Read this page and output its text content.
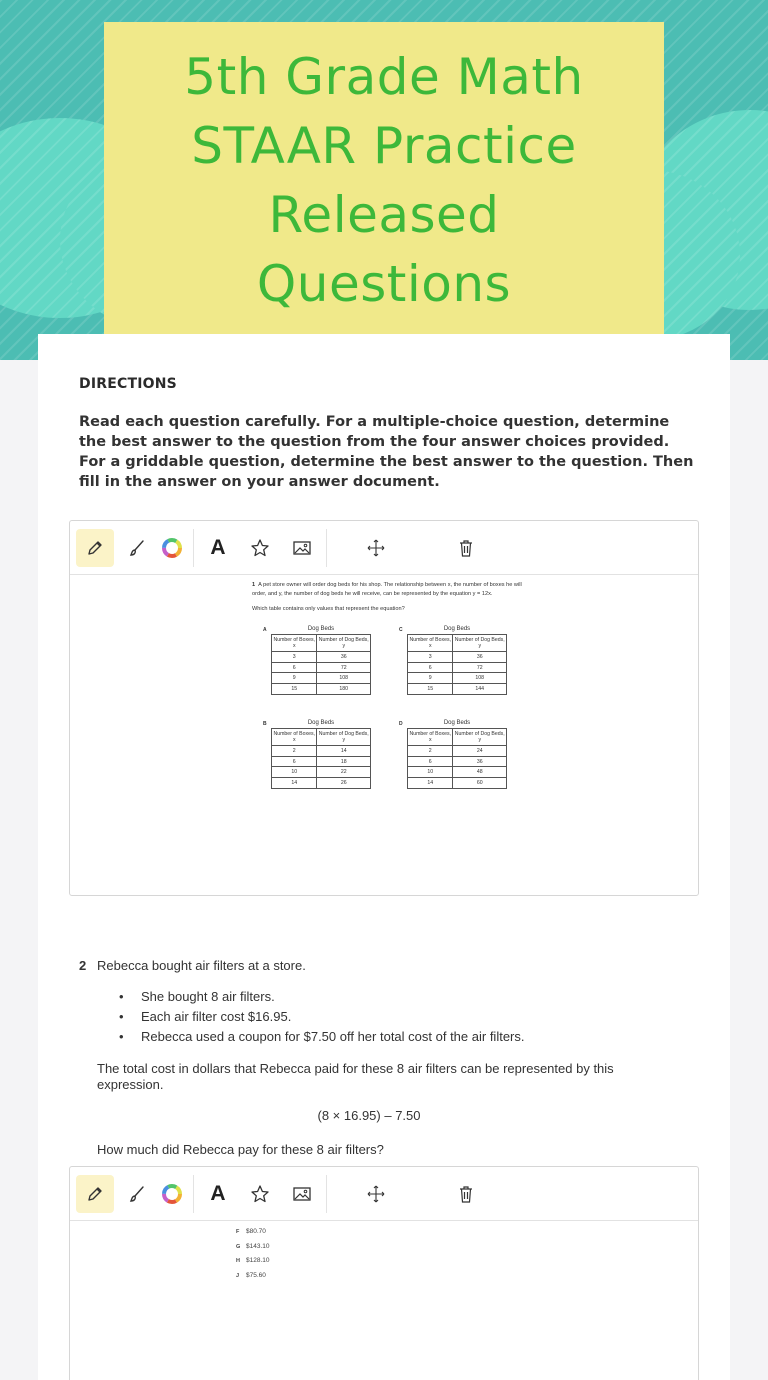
5th Grade Math
STAAR Practice
Released
Questions
DIRECTIONS

Read each question carefully. For a multiple-choice question, determine the best answer to the question from the four answer choices provided. For a griddable question, determine the best answer to the question. Then fill in the answer on your answer document.

A
1 A pet store owner will order dog beds for his shop. The relationship between x, the number of boxes he will order, and y, the number of dog beds he will receive, can be represented by the equation y = 12x.
Which table contains only values that represent the equation?
A	Dog Beds
Number of Boxes, x	Number of Dog Beds, y
3	36
6	72
9	108
15	180
C	Dog Beds
Number of Boxes, x	Number of Dog Beds, y
3	36
6	72
9	108
15	144
B	Dog Beds
Number of Boxes, x	Number of Dog Beds, y
2	14
6	18
10	22
14	26
D	Dog Beds
Number of Boxes, x	Number of Dog Beds, y
2	24
6	36
10	48
14	60
2 Rebecca bought air filters at a store.
• She bought 8 air filters.
• Each air filter cost $16.95.
• Rebecca used a coupon for $7.50 off her total cost of the air filters.
The total cost in dollars that Rebecca paid for these 8 air filters can be represented by this expression.
(8 × 16.95) – 7.50
How much did Rebecca pay for these 8 air filters?
A
F $80.70
G $143.10
H $128.10
J $75.60
